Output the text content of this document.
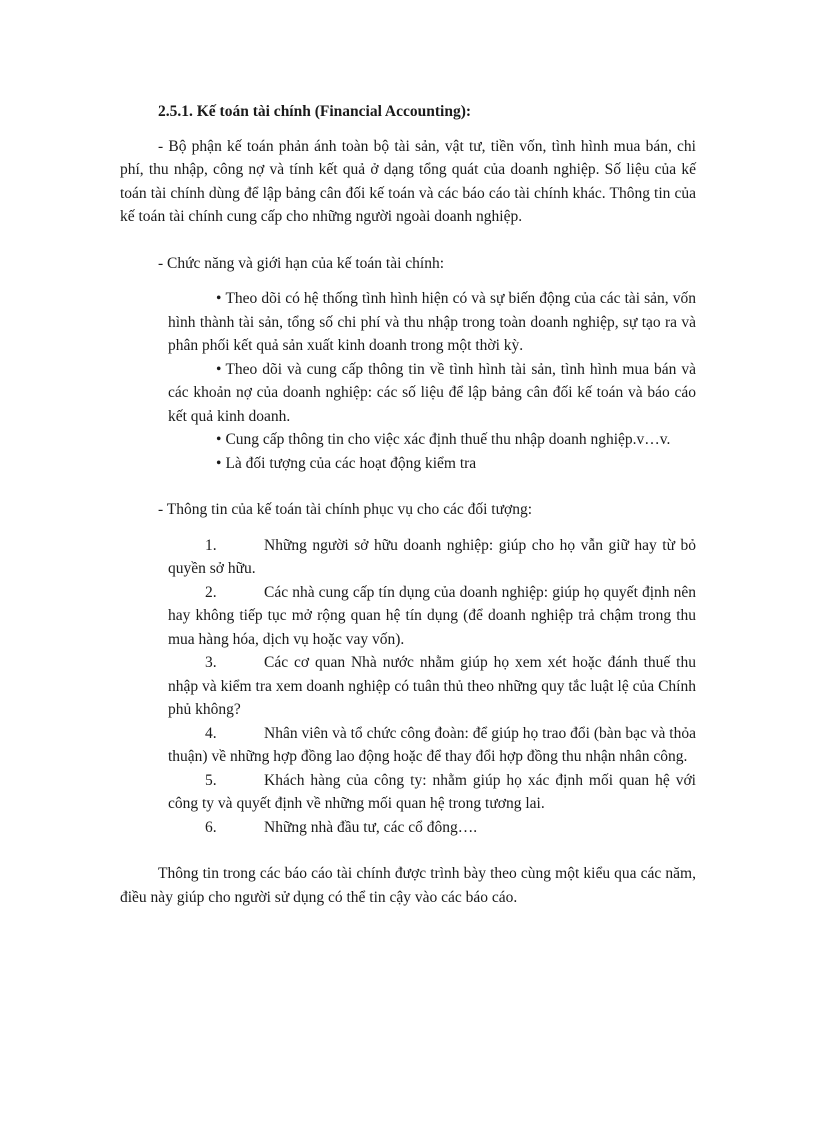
2.5.1. Kế toán tài chính (Financial Accounting):

- Bộ phận kế toán phản ánh toàn bộ tài sản, vật tư, tiền vốn, tình hình mua bán, chi phí, thu nhập, công nợ và tính kết quả ở dạng tổng quát của doanh nghiệp. Số liệu của kế toán tài chính dùng để lập bảng cân đối kế toán và các báo cáo tài chính khác. Thông tin của kế toán tài chính cung cấp cho những người ngoài doanh nghiệp.

- Chức năng và giới hạn của kế toán tài chính:

• Theo dõi có hệ thống tình hình hiện có và sự biến động của các tài sản, vốn hình thành tài sản, tổng số chi phí và thu nhập trong toàn doanh nghiệp, sự tạo ra và phân phối kết quả sản xuất kinh doanh trong một thời kỳ.
• Theo dõi và cung cấp thông tin về tình hình tài sản, tình hình mua bán và các khoản nợ của doanh nghiệp: các số liệu để lập bảng cân đối kế toán và báo cáo kết quả kinh doanh.
• Cung cấp thông tin cho việc xác định thuế thu nhập doanh nghiệp.v…v.
• Là đối tượng của các hoạt động kiểm tra

- Thông tin của kế toán tài chính phục vụ cho các đối tượng:

1.	Những người sở hữu doanh nghiệp: giúp cho họ vẫn giữ hay từ bỏ quyền sở hữu.
2.	Các nhà cung cấp tín dụng của doanh nghiệp: giúp họ quyết định nên hay không tiếp tục mở rộng quan hệ tín dụng (để doanh nghiệp trả chậm trong thu mua hàng hóa, dịch vụ hoặc vay vốn).
3.	Các cơ quan Nhà nước nhằm giúp họ xem xét hoặc đánh thuế thu nhập và kiểm tra xem doanh nghiệp có tuân thủ theo những quy tắc luật lệ của Chính phủ không?
4.	Nhân viên và tổ chức công đoàn: để giúp họ trao đổi (bàn bạc và thỏa thuận) về những hợp đồng lao động hoặc để thay đổi hợp đồng thu nhận nhân công.
5.	Khách hàng của công ty: nhằm giúp họ xác định mối quan hệ với công ty và quyết định về những mối quan hệ trong tương lai.
6.	Những nhà đầu tư, các cổ đông….

Thông tin trong các báo cáo tài chính được trình bày theo cùng một kiểu qua các năm, điều này giúp cho người sử dụng có thể tin cậy vào các báo cáo.
